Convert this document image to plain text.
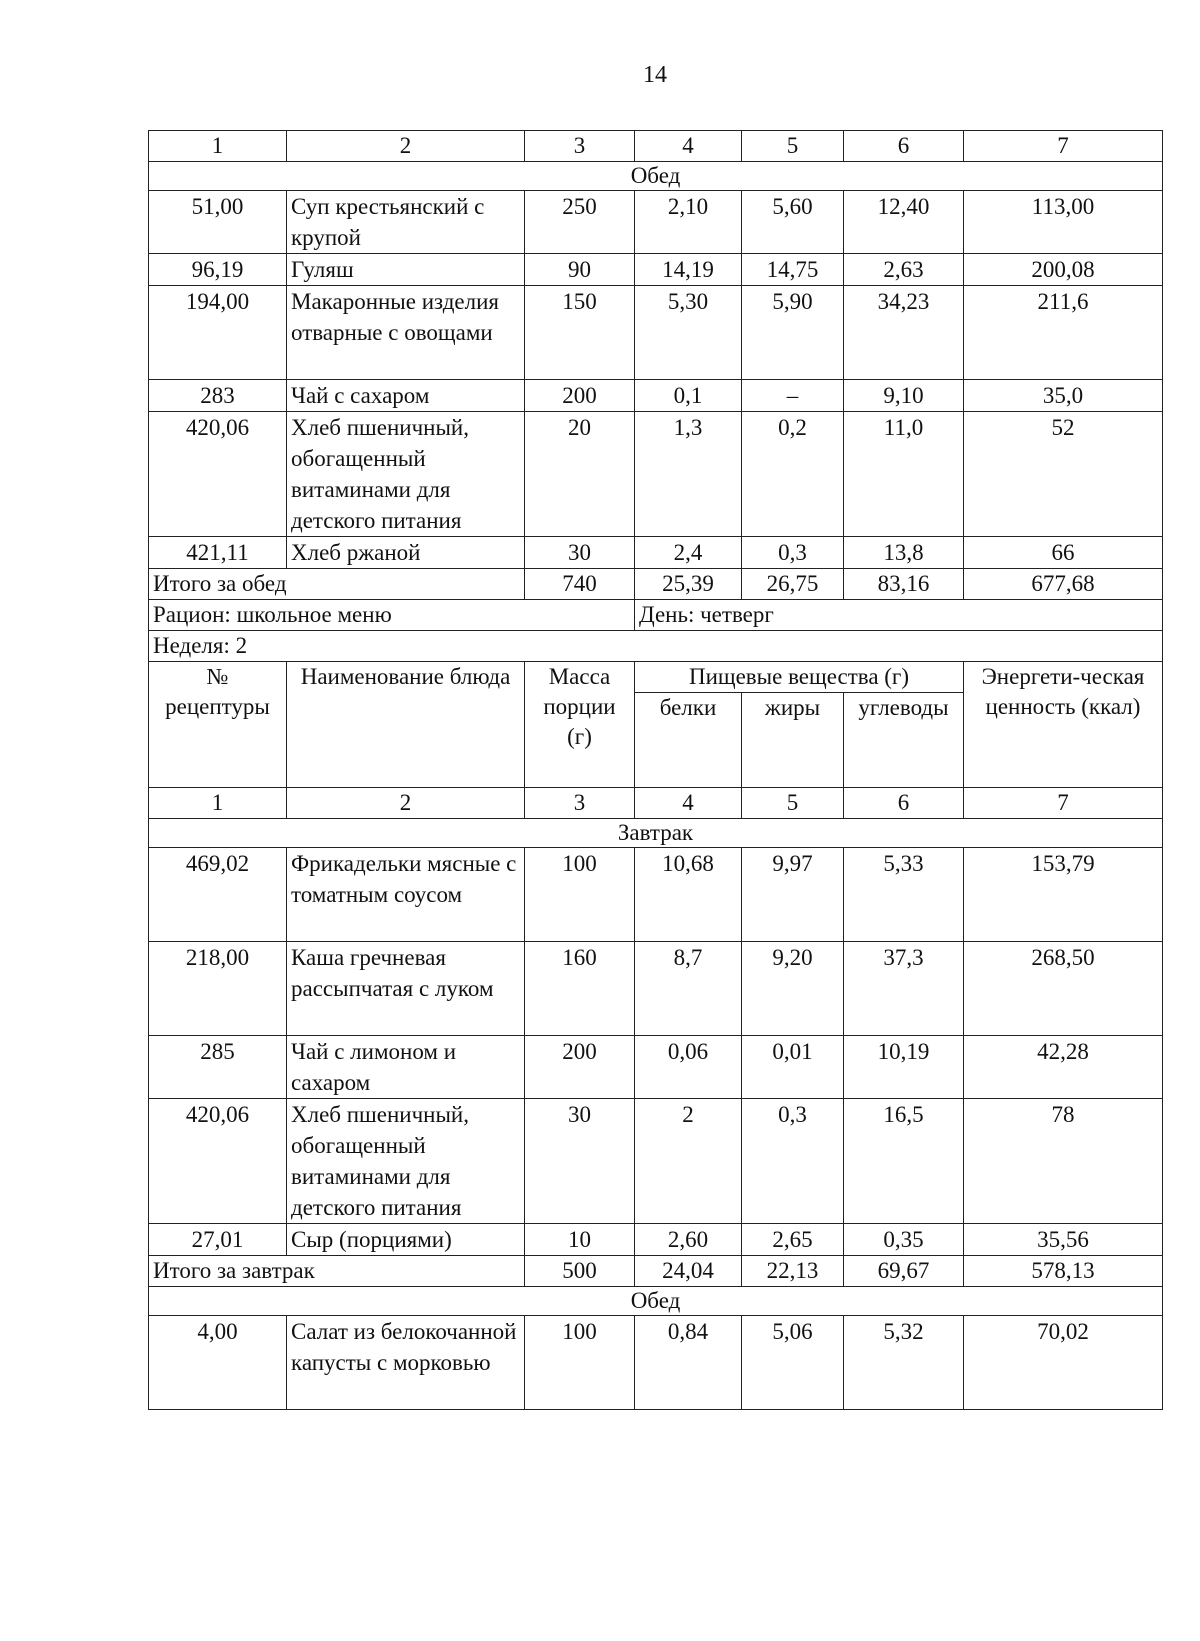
14
1	2	3	4	5	6	7
Обед						
51,00	Суп крестьянский с крупой	250	2,10	5,60	12,40	113,00
96,19	Гуляш	90	14,19	14,75	2,63	200,08
194,00	Макаронные изделия отварные с овощами	150	5,30	5,90	34,23	211,6
283	Чай с сахаром	200	0,1	–	9,10	35,0
420,06	Хлеб пшеничный, обогащенный витаминами для детского питания	20	1,3	0,2	11,0	52
421,11	Хлеб ржаной	30	2,4	0,3	13,8	66
Итого за обед		740	25,39	26,75	83,16	677,68
Рацион: школьное меню			День: четверг			
Неделя: 2						
№ рецептуры	Наименование блюда	Масса порции (г)	Пищевые вещества (г)			Энергети-ческая ценность (ккал)
			белки	жиры	углеводы	
1	2	3	4	5	6	7
Завтрак						
469,02	Фрикадельки мясные с томатным соусом	100	10,68	9,97	5,33	153,79
218,00	Каша гречневая рассыпчатая с луком	160	8,7	9,20	37,3	268,50
285	Чай с лимоном и сахаром	200	0,06	0,01	10,19	42,28
420,06	Хлеб пшеничный, обогащенный витаминами для детского питания	30	2	0,3	16,5	78
27,01	Сыр (порциями)	10	2,60	2,65	0,35	35,56
Итого за завтрак		500	24,04	22,13	69,67	578,13
Обед						
4,00	Салат из белокочанной капусты с морковью	100	0,84	5,06	5,32	70,02
